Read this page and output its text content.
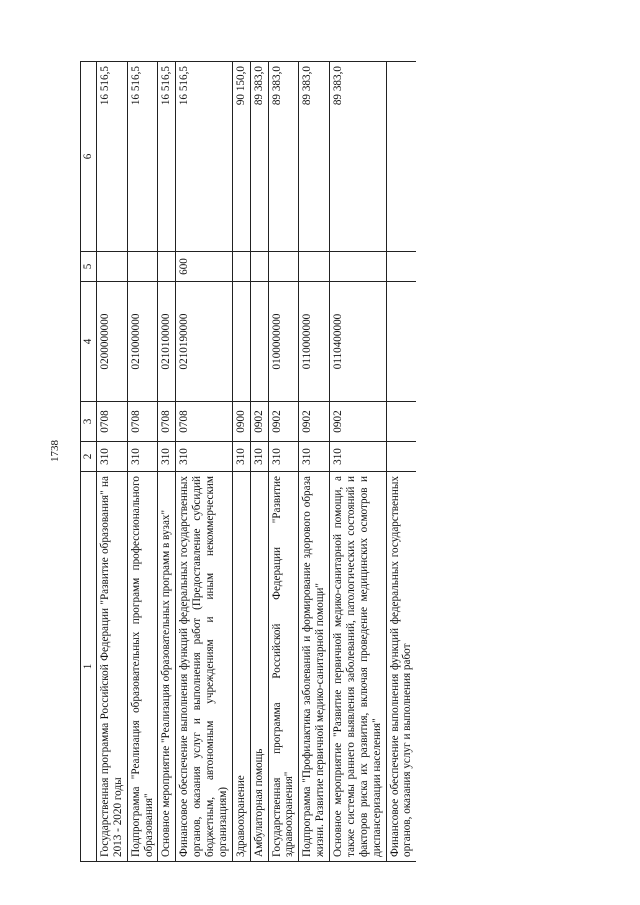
1738
1	2	3	4	5	6
Государственная программа Российской Федерации "Развитие образования" на 2013 - 2020 годы	310	0708	0200000000		16 516,5
Подпрограмма "Реализация образовательных программ профессионального образования"	310	0708	0210000000		16 516,5
Основное мероприятие "Реализация образовательных программ в вузах"	310	0708	0210100000		16 516,5
Финансовое обеспечение выполнения функций федеральных государственных органов, оказания услуг и выполнения работ (Предоставление субсидий бюджетным, автономным учреждениям и иным некоммерческим организациям)	310	0708	0210190000	600	16 516,5
Здравоохранение	310	0900			90 150,0
Амбулаторная помощь	310	0902			89 383,0
Государственная программа Российской Федерации "Развитие здравоохранения"	310	0902	0100000000		89 383,0
Подпрограмма "Профилактика заболеваний и формирование здорового образа жизни. Развитие первичной медико-санитарной помощи"	310	0902	0110000000		89 383,0
Основное мероприятие "Развитие первичной медико-санитарной помощи, а также системы раннего выявления заболеваний, патологических состояний и факторов риска их развития, включая проведение медицинских осмотров и диспансеризации населения"	310	0902	0110400000		89 383,0
Финансовое обеспечение выполнения функций федеральных государственных органов, оказания услуг и выполнения работ					
